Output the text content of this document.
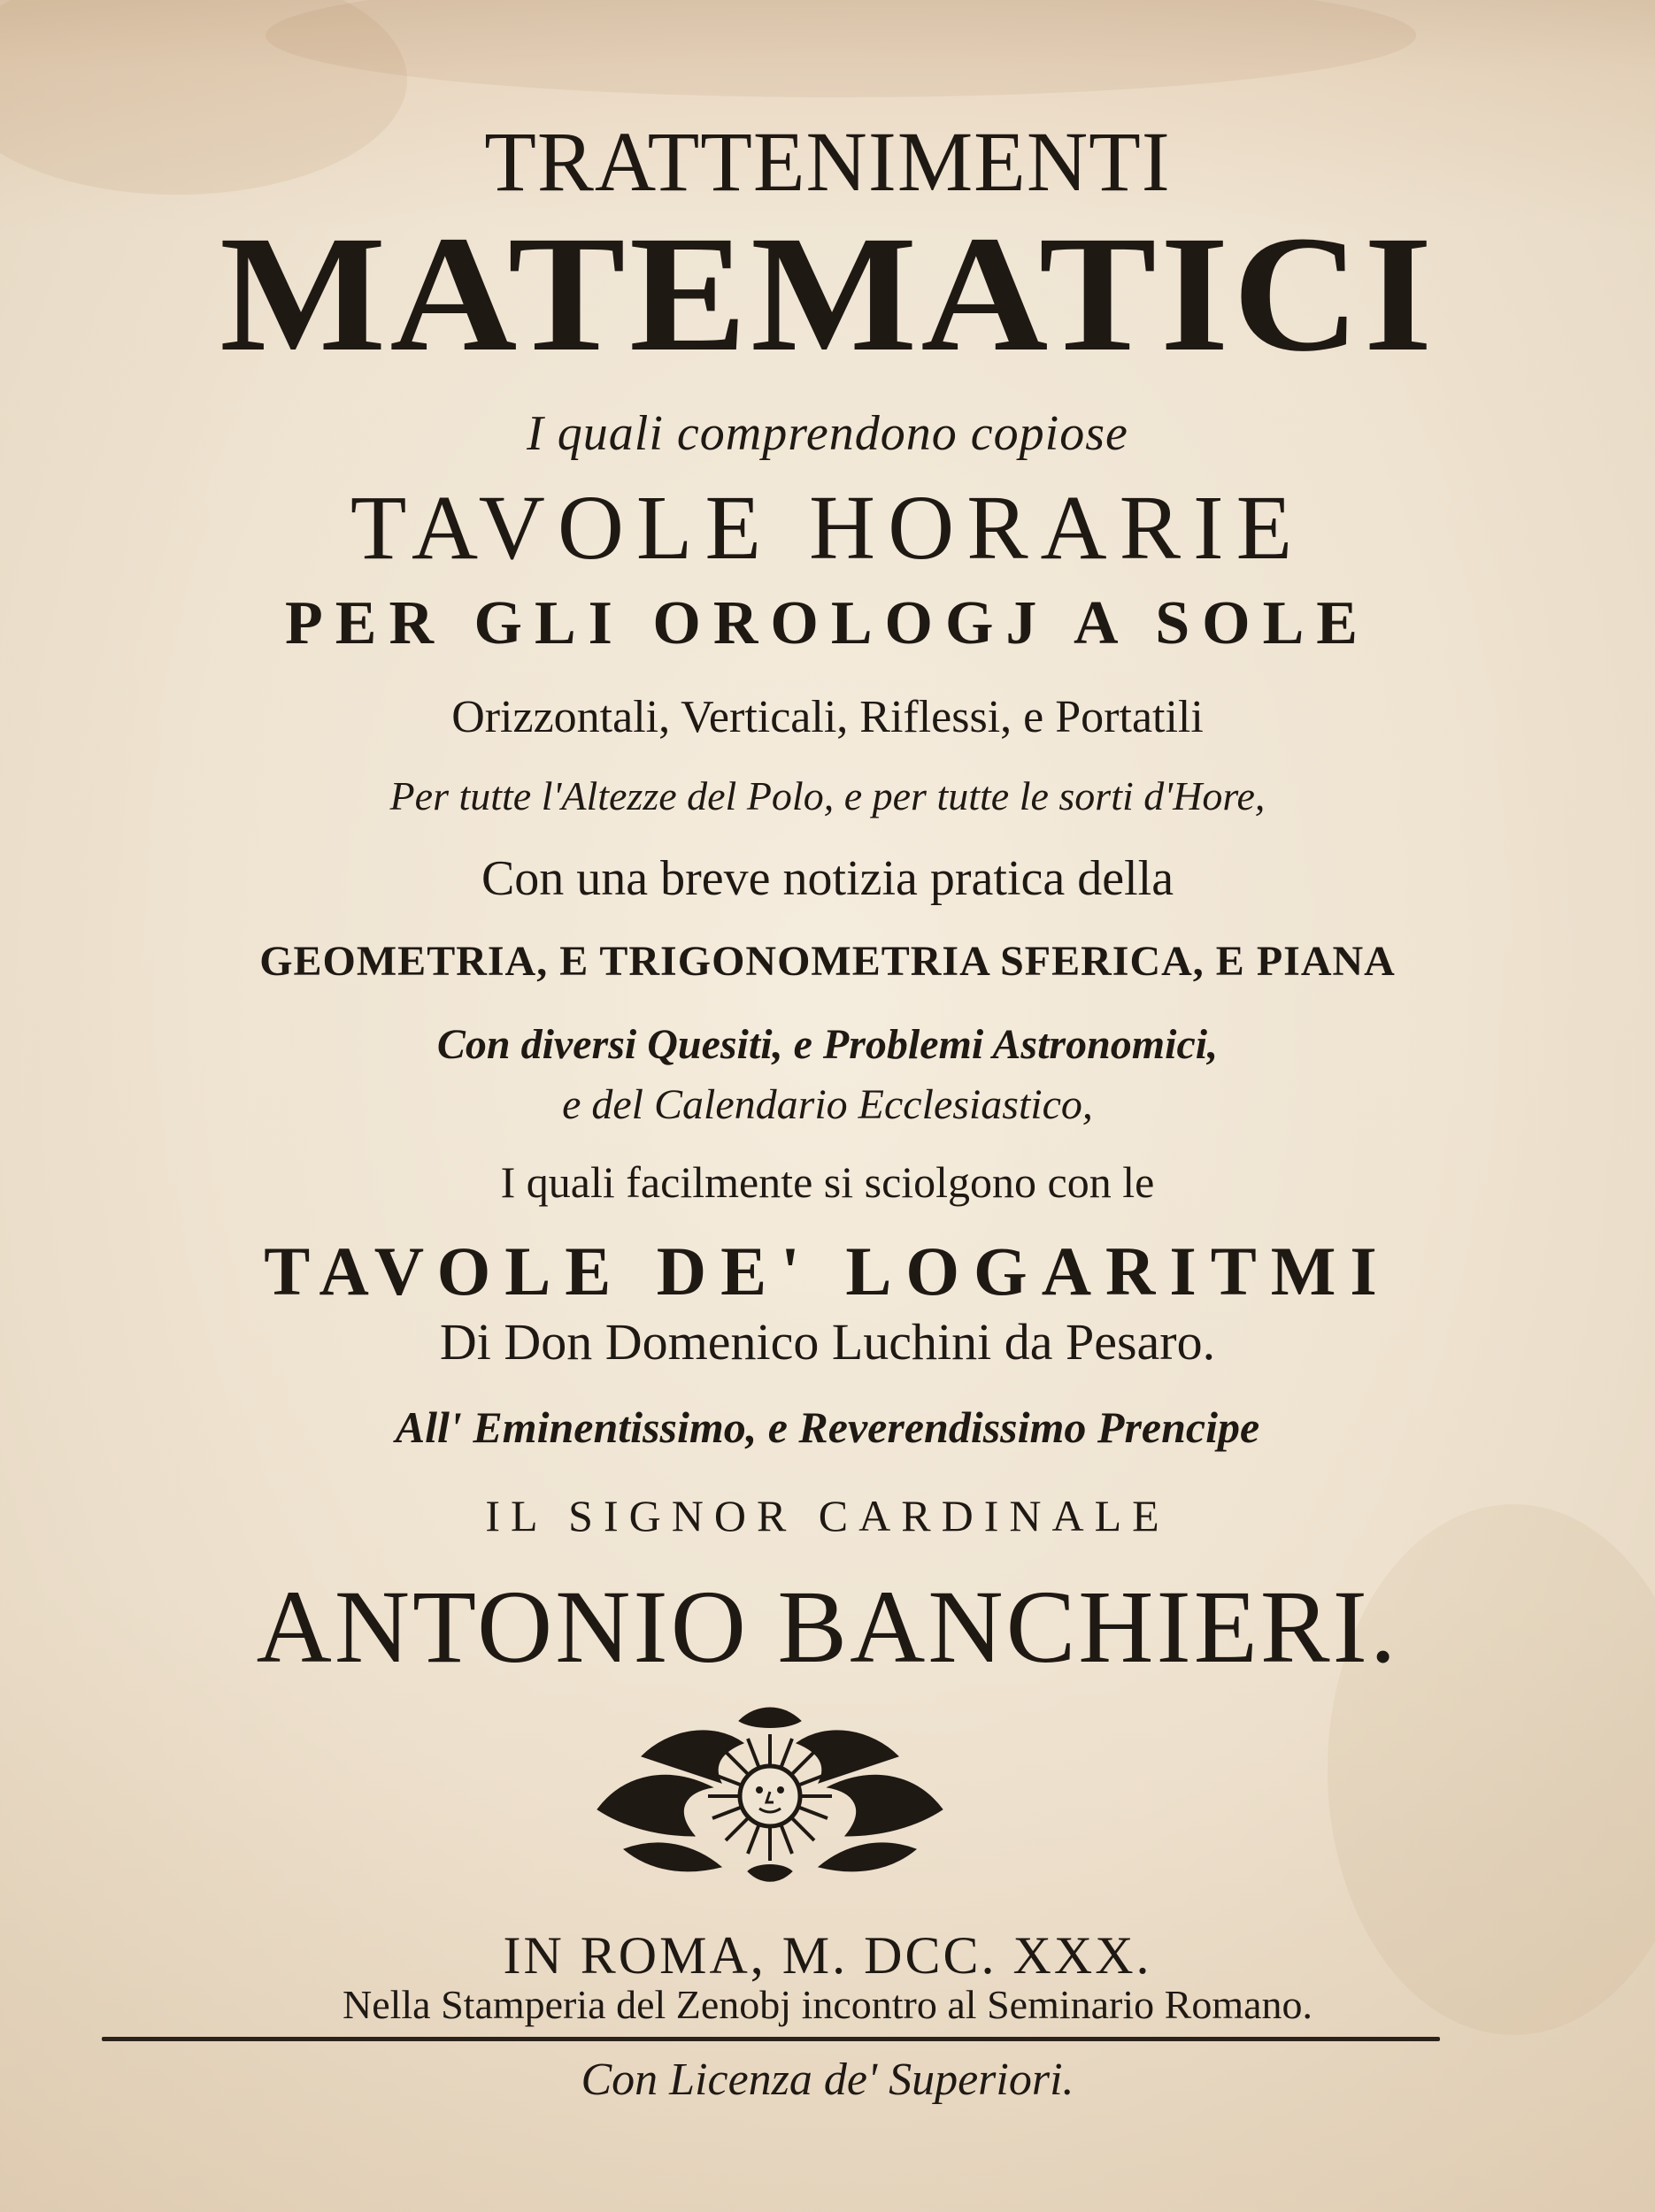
TRATTENIMENTI
MATEMATICI
I quali comprendono copiose
TAVOLE HORARIE
PER GLI OROLOGJ A SOLE
Orizzontali, Verticali, Riflessi, e Portatili
Per tutte l'Altezze del Polo, e per tutte le sorti d'Hore,
Con una breve notizia pratica della
GEOMETRIA, E TRIGONOMETRIA SFERICA, E PIANA
Con diversi Quesiti, e Problemi Astronomici,
e del Calendario Ecclesiastico,
I quali facilmente si sciolgono con le
TAVOLE DE' LOGARITMI
Di Don Domenico Luchini da Pesaro.
All' Eminentissimo, e Reverendissimo Prencipe
IL SIGNOR CARDINALE
ANTONIO BANCHIERI.
IN ROMA, M. DCC. XXX.
Nella Stamperia del Zenobj incontro al Seminario Romano.
Con Licenza de' Superiori.
